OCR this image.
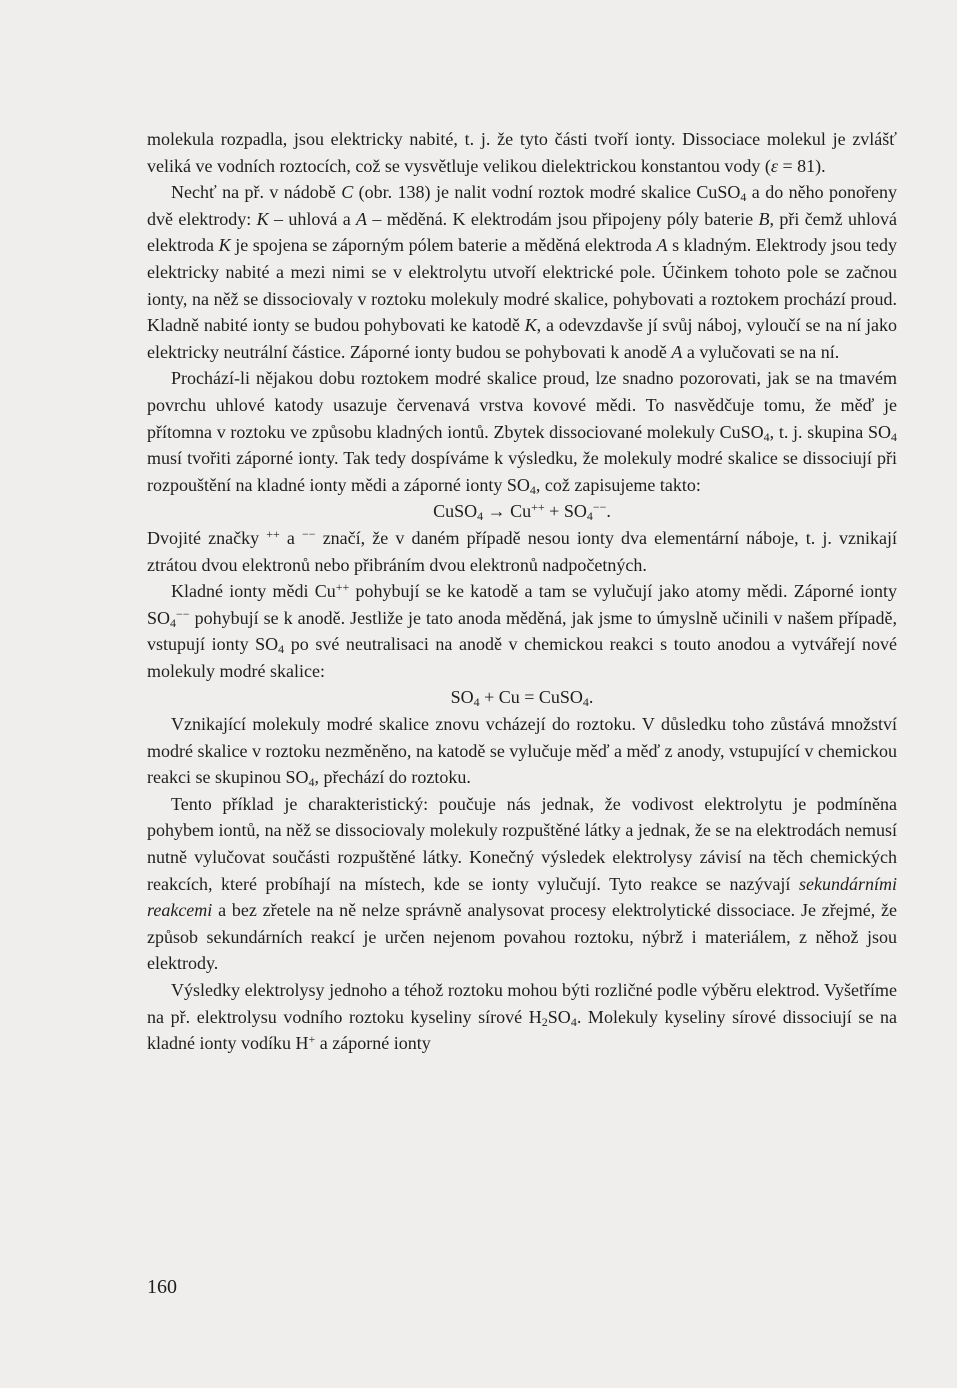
molekula rozpadla, jsou elektricky nabité, t. j. že tyto části tvoří ionty. Dissociace molekul je zvlášť veliká ve vodních roztocích, což se vysvětluje velikou dielektrickou konstantou vody (ε = 81).

Nechť na př. v nádobě C (obr. 138) je nalit vodní roztok modré skalice CuSO$_4$ a do něho ponořeny dvě elektrody: K – uhlová a A – měděná. K elektrodám jsou připojeny póly baterie B, při čemž uhlová elektroda K je spojena se záporným pólem baterie a měděná elektroda A s kladným. Elektrody jsou tedy elektricky nabité a mezi nimi se v elektrolytu utvoří elektrické pole. Účinkem tohoto pole se začnou ionty, na něž se dissociovaly v roztoku molekuly modré skalice, pohybovati a roztokem prochází proud. Kladně nabité ionty se budou pohybovati ke katodě K, a odevzdavše jí svůj náboj, vyloučí se na ní jako elektricky neutrální částice. Záporné ionty budou se pohybovati k anodě A a vylučovati se na ní.

Prochází-li nějakou dobu roztokem modré skalice proud, lze snadno pozorovati, jak se na tmavém povrchu uhlové katody usazuje červenavá vrstva kovové mědi. To nasvědčuje tomu, že měď je přítomna v roztoku ve způsobu kladných iontů. Zbytek dissociované molekuly CuSO$_4$, t. j. skupina $SO_4$ musí tvořiti záporné ionty. Tak tedy dospíváme k výsledku, že molekuly modré skalice se dissociují při rozpouštění na kladné ionty mědi a záporné ionty $SO_4$, což zapisujeme takto:

CuSO$_4$ → $Cu^{++} + SO_4^{--}$.

Dvojité značky ++ a −− značí, že v daném případě nesou ionty dva elementární náboje, t. j. vznikají ztrátou dvou elektronů nebo přibráním dvou elektronů nadpočetných.

Kladné ionty mědi Cu++ pohybují se ke katodě a tam se vylučují jako atomy mědi. Záporné ionty $SO_4^{--}$ pohybují se k anodě. Jestliže je tato anoda měděná, jak jsme to úmyslně učinili v našem případě, vstupují ionty $SO_4$ po své neutralisaci na anodě v chemickou reakci s touto anodou a vytvářejí nové molekuly modré skalice:

$SO_4 + Cu$ = CuSO$_4$.

Vznikající molekuly modré skalice znovu vcházejí do roztoku. V důsledku toho zůstává množství modré skalice v roztoku nezměněno, na katodě se vylučuje měď a měď z anody, vstupující v chemickou reakci se skupinou $SO_4$, přechází do roztoku.

Tento příklad je charakteristický: poučuje nás jednak, že vodivost elektrolytu je podmíněna pohybem iontů, na něž se dissociovaly molekuly rozpuštěné látky a jednak, že se na elektrodách nemusí nutně vylučovat součásti rozpuštěné látky. Konečný výsledek elektrolysy závisí na těch chemických reakcích, které probíhají na místech, kde se ionty vylučují. Tyto reakce se nazývají sekundárními reakcemi a bez zřetele na ně nelze správně analysovat procesy elektrolytické dissociace. Je zřejmé, že způsob sekundárních reakcí je určen nejenom povahou roztoku, nýbrž i materiálem, z něhož jsou elektrody.

Výsledky elektrolysy jednoho a téhož roztoku mohou býti rozličné podle výběru elektrod. Vyšetříme na př. elektrolysu vodního roztoku kyseliny sírové $H_2SO_4$. Molekuly kyseliny sírové dissociují se na kladné ionty vodíku H+ a záporné ionty

160
